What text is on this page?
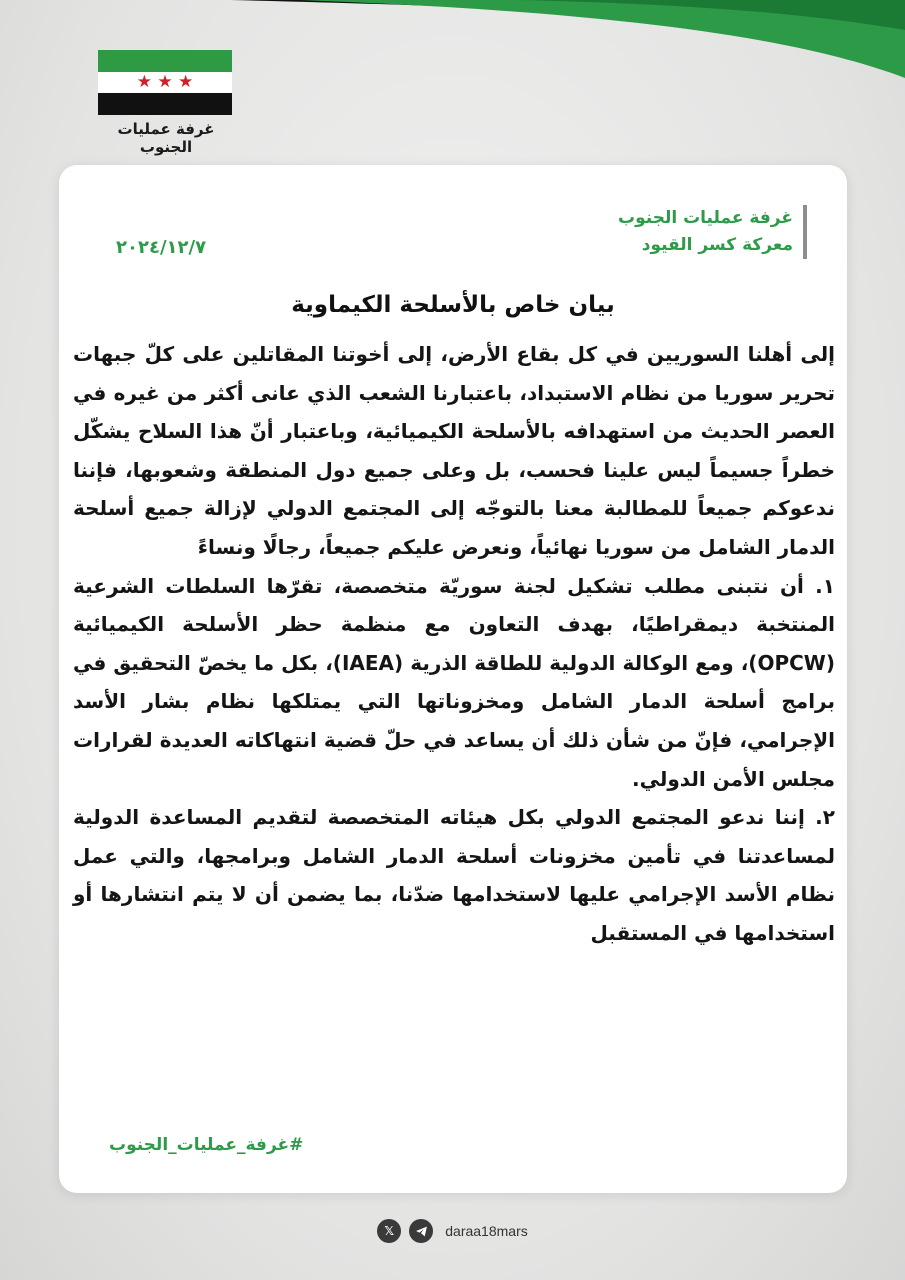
★ ★ ★
غرفة عمليات الجنوب
غرفة عمليات الجنوب
معركة كسر القيود
٢٠٢٤/١٢/٧
بيان خاص بالأسلحة الكيماوية

إلى أهلنا السوريين في كل بقاع الأرض، إلى أخوتنا المقاتلين على كلّ جبهات تحرير سوريا من نظام الاستبداد، باعتبارنا الشعب الذي عانى أكثر من غيره في العصر الحديث من استهدافه بالأسلحة الكيميائية، وباعتبار أنّ هذا السلاح يشكّل خطراً جسيماً ليس علينا فحسب، بل وعلى جميع دول المنطقة وشعوبها، فإننا ندعوكم جميعاً للمطالبة معنا بالتوجّه إلى المجتمع الدولي لإزالة جميع أسلحة الدمار الشامل من سوريا نهائياً، ونعرض عليكم جميعاً، رجالًا ونساءً

١. أن نتبنى مطلب تشكيل لجنة سوريّة متخصصة، تقرّها السلطات الشرعية المنتخبة ديمقراطيًا، بهدف التعاون مع منظمة حظر الأسلحة الكيميائية (OPCW)، ومع الوكالة الدولية للطاقة الذرية (IAEA)، بكل ما يخصّ التحقيق في برامج أسلحة الدمار الشامل ومخزوناتها التي يمتلكها نظام بشار الأسد الإجرامي، فإنّ من شأن ذلك أن يساعد في حلّ قضية انتهاكاته العديدة لقرارات مجلس الأمن الدولي.

٢. إننا ندعو المجتمع الدولي بكل هيئاته المتخصصة لتقديم المساعدة الدولية لمساعدتنا في تأمين مخزونات أسلحة الدمار الشامل وبرامجها، والتي عمل نظام الأسد الإجرامي عليها لاستخدامها ضدّنا، بما يضمن أن لا يتم انتشارها أو استخدامها في المستقبل

#غرفة_عمليات_الجنوب
𝕏	daraa18mars
